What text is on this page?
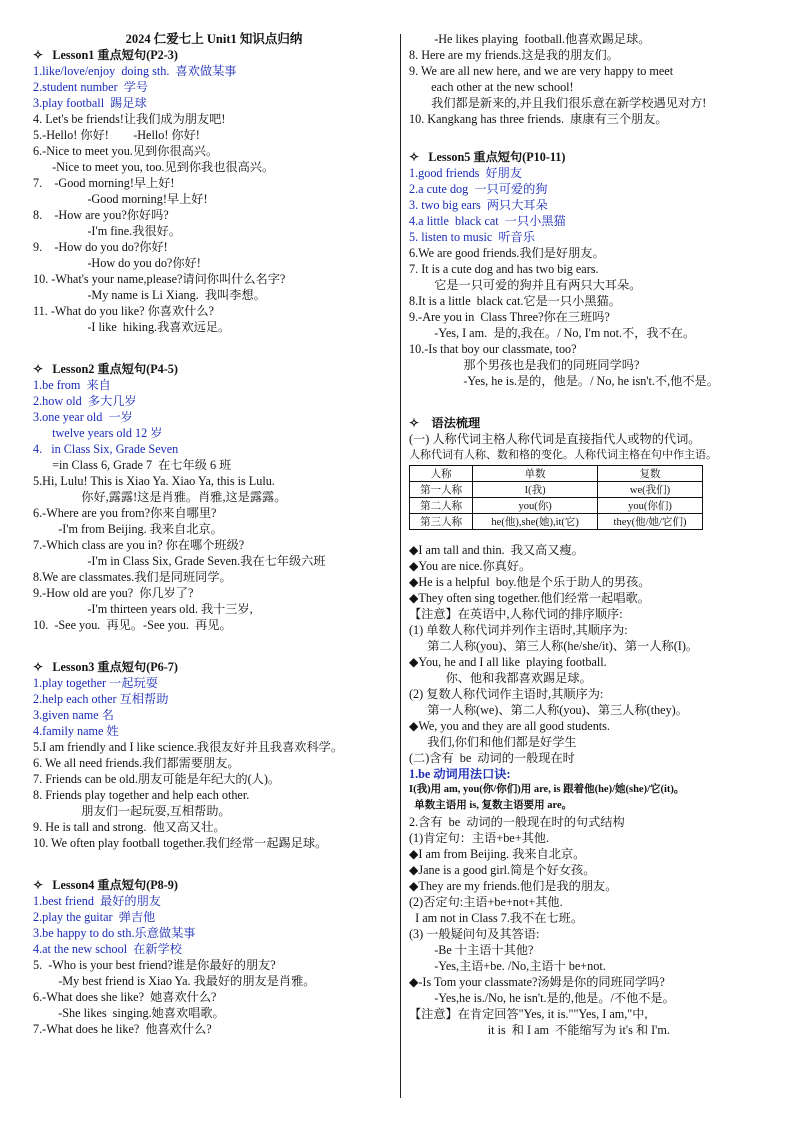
2024 仁爱七上 Unit1 知识点归纳
✧   Lesson1 重点短句(P2-3)
1.like/love/enjoy  doing sth.  喜欢做某事
2.student number  学号
3.play football  踢足球
4. Let's be friends!让我们成为朋友吧!
5.-Hello! 你好!        -Hello! 你好!
6.-Nice to meet you.见到你很高兴。
-Nice to meet you, too.见到你我也很高兴。
7.    -Good morning!早上好!
-Good morning!早上好!
8.    -How are you?你好吗?
-I'm fine.我很好。
9.    -How do you do?你好!
-How do you do?你好!
10. -What's your name,please?请问你叫什么名字?
-My name is Li Xiang.  我叫李想。
11. -What do you like? 你喜欢什么?
-I like  hiking.我喜欢远足。
✧   Lesson2 重点短句(P4-5)
1.be from  来自
2.how old  多大几岁
3.one year old  一岁
twelve years old 12 岁
4.   in Class Six, Grade Seven
=in Class 6, Grade 7  在七年级 6 班
5.Hi, Lulu! This is Xiao Ya. Xiao Ya, this is Lulu.
你好,露露!这是肖雅。肖雅,这是露露。
6.-Where are you from?你来自哪里?
-I'm from Beijing. 我来自北京。
7.-Which class are you in? 你在哪个班级?
-I'm in Class Six, Grade Seven.我在七年级六班
8.We are classmates.我们是同班同学。
9.-How old are you?  你几岁了?
-I'm thirteen years old. 我十三岁,
10.  -See you.  再见。-See you.  再见。
✧   Lesson3 重点短句(P6-7)
1.play together 一起玩耍
2.help each other 互相帮助
3.given name 名
4.family name 姓
5.I am friendly and I like science.我很友好并且我喜欢科学。
6. We all need friends.我们都需要朋友。
7. Friends can be old.朋友可能是年纪大的(人)。
8. Friends play together and help each other.
朋友们一起玩耍,互相帮助。
9. He is tall and strong.  他又高又壮。
10. We often play football together.我们经常一起踢足球。
✧   Lesson4 重点短句(P8-9)
1.best friend  最好的朋友
2.play the guitar  弹吉他
3.be happy to do sth.乐意做某事
4.at the new school  在新学校
5.  -Who is your best friend?谁是你最好的朋友?
-My best friend is Xiao Ya. 我最好的朋友是肖雅。
6.-What does she like?  她喜欢什么?
-She likes  singing.她喜欢唱歌。
7.-What does he like?  他喜欢什么?
-He likes playing  football.他喜欢踢足球。
8. Here are my friends.这是我的朋友们。
9. We are all new here, and we are very happy to meet
each other at the new school!
我们都是新来的,并且我们很乐意在新学校遇见对方!
10. Kangkang has three friends.  康康有三个朋友。
✧   Lesson5 重点短句(P10-11)
1.good friends  好朋友
2.a cute dog  一只可爱的狗
3. two big ears  两只大耳朵
4.a little  black cat  一只小黑猫
5. listen to music  听音乐
6.We are good friends.我们是好朋友。
7. It is a cute dog and has two big ears.
它是一只可爱的狗并且有两只大耳朵。
8.It is a little  black cat.它是一只小黑猫。
9.-Are you in  Class Three?你在三班吗?
-Yes, I am.  是的,我在。/ No, I'm not.不，我不在。
10.-Is that boy our classmate, too?
那个男孩也是我们的同班同学吗?
-Yes, he is.是的，他是。/ No, he isn't.不,他不是。
✧    语法梳理
(一) 人称代词主格人称代词是直接指代人或物的代词。
人称代词有人称、数和格的变化。人称代词主格在句中作主语。
人称	单数	复数
第一人称	I(我)	we(我们)
第二人称	you(你)	you(你们)
第三人称	he(他),she(她),it(它)	they(他/她/它们)
◆I am tall and thin.  我又高又瘦。
◆You are nice.你真好。
◆He is a helpful  boy.他是个乐于助人的男孩。
◆They often sing together.他们经常一起唱歌。
【注意】在英语中,人称代词的排序顺序:
(1) 单数人称代词并列作主语时,其顺序为:
第二人称(you)、第三人称(he/she/it)、第一人称(I)。
◆You, he and I all like  playing football.
你、他和我都喜欢踢足球。
(2) 复数人称代词作主语时,其顺序为:
第一人称(we)、第二人称(you)、第三人称(they)。
◆We, you and they are all good students.
我们,你们和他们都是好学生
(二)含有  be  动词的一般现在时
1.be 动词用法口诀:
I(我)用 am, you(你/你们)用 are, is 跟着他(he)/她(she)/它(it)。
单数主语用 is, 复数主语要用 are。
2.含有  be  动词的一般现在时的句式结构
(1)肯定句：主语+be+其他.
◆I am from Beijing. 我来自北京。
◆Jane is a good girl.简是个好女孩。
◆They are my friends.他们是我的朋友。
(2)否定句:主语+be+not+其他.
I am not in Class 7.我不在七班。
(3) 一般疑问句及其答语:
-Be 十主语十其他?
-Yes,主语+be. /No,主语十 be+not.
◆-Is Tom your classmate?汤姆是你的同班同学吗?
-Yes,he is./No, he isn't.是的,他是。/不他不是。
【注意】在肯定回答"Yes, it is.""Yes, I am,"中,
it is  和 I am  不能缩写为 it's 和 I'm.
